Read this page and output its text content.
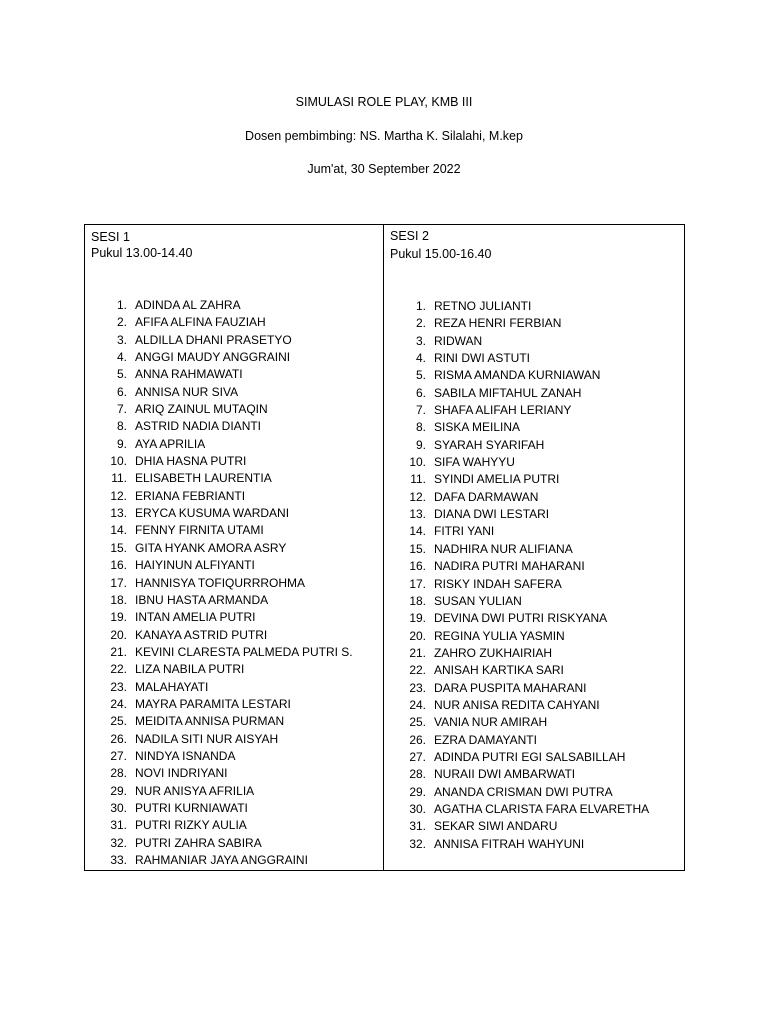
SIMULASI ROLE PLAY, KMB III
Dosen pembimbing: NS. Martha K. Silalahi, M.kep
Jum'at, 30 September 2022
SESI 1
Pukul 13.00-14.40
1. ADINDA AL ZAHRA
2. AFIFA ALFINA FAUZIAH
3. ALDILLA DHANI PRASETYO
4. ANGGI MAUDY ANGGRAINI
5. ANNA RAHMAWATI
6. ANNISA NUR SIVA
7. ARIQ ZAINUL MUTAQIN
8. ASTRID NADIA DIANTI
9. AYA APRILIA
10. DHIA HASNA PUTRI
11. ELISABETH LAURENTIA
12. ERIANA FEBRIANTI
13. ERYCA KUSUMA WARDANI
14. FENNY FIRNITA UTAMI
15. GITA HYANK AMORA ASRY
16. HAIYINUN ALFIYANTI
17. HANNISYA TOFIQURRROHMA
18. IBNU HASTA ARMANDA
19. INTAN AMELIA PUTRI
20. KANAYA ASTRID PUTRI
21. KEVINI CLARESTA PALMEDA PUTRI S.
22. LIZA NABILA PUTRI
23. MALAHAYATI
24. MAYRA PARAMITA LESTARI
25. MEIDITA ANNISA PURMAN
26. NADILA SITI NUR AISYAH
27. NINDYA ISNANDA
28. NOVI INDRIYANI
29. NUR ANISYA AFRILIA
30. PUTRI KURNIAWATI
31. PUTRI RIZKY AULIA
32. PUTRI ZAHRA SABIRA
33. RAHMANIAR JAYA ANGGRAINI
SESI 2
Pukul 15.00-16.40
1. RETNO JULIANTI
2. REZA HENRI FERBIAN
3. RIDWAN
4. RINI DWI ASTUTI
5. RISMA AMANDA KURNIAWAN
6. SABILA MIFTAHUL ZANAH
7. SHAFA ALIFAH LERIANY
8. SISKA MEILINA
9. SYARAH SYARIFAH
10. SIFA WAHYYU
11. SYINDI AMELIA PUTRI
12. DAFA DARMAWAN
13. DIANA DWI LESTARI
14. FITRI YANI
15. NADHIRA NUR ALIFIANA
16. NADIRA PUTRI MAHARANI
17. RISKY INDAH SAFERA
18. SUSAN YULIAN
19. DEVINA DWI PUTRI RISKYANA
20. REGINA YULIA YASMIN
21. ZAHRO ZUKHAIRIAH
22. ANISAH KARTIKA SARI
23. DARA PUSPITA MAHARANI
24. NUR ANISA REDITA CAHYANI
25. VANIA NUR AMIRAH
26. EZRA DAMAYANTI
27. ADINDA PUTRI EGI SALSABILLAH
28. NURAII DWI AMBARWATI
29. ANANDA CRISMAN DWI PUTRA
30. AGATHA CLARISTA FARA ELVARETHA
31. SEKAR SIWI ANDARU
32. ANNISA FITRAH WAHYUNI
